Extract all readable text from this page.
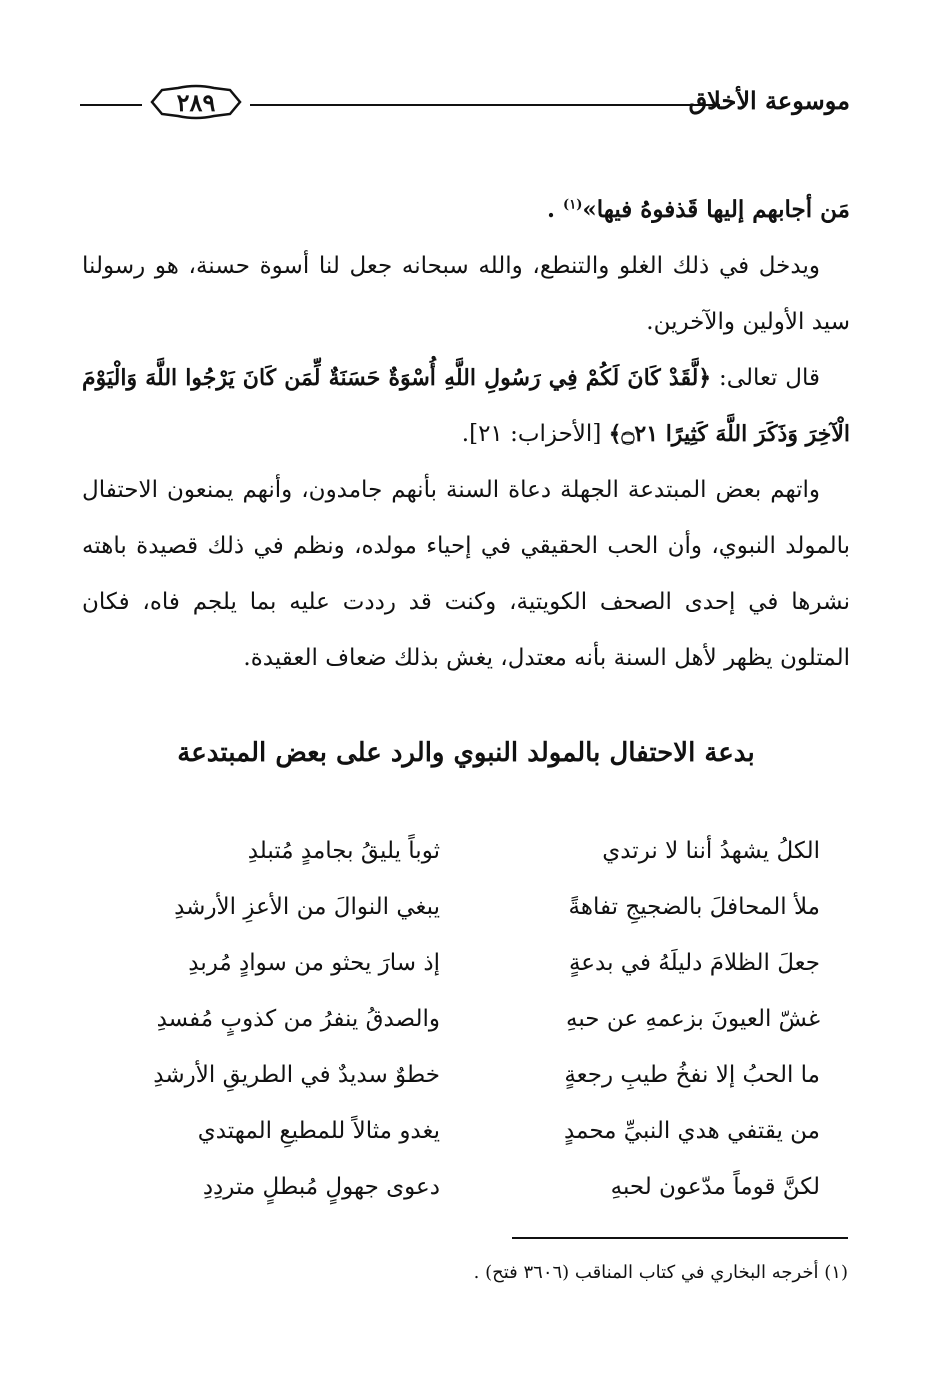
موسوعة الأخلاق
٢٨٩

مَن أجابهم إليها قَذفوهُ فيها»$^{(١)}$ .

ويدخل في ذلك الغلو والتنطع، والله سبحانه جعل لنا أسوة حسنة، هو رسولنا سيد الأولين والآخرين.

قال تعالى: ﴿لَّقَدْ كَانَ لَكُمْ فِي رَسُولِ اللَّهِ أُسْوَةٌ حَسَنَةٌ لِّمَن كَانَ يَرْجُوا اللَّهَ وَالْيَوْمَ الْآخِرَ وَذَكَرَ اللَّهَ كَثِيرًا ۝٢١﴾ [الأحزاب: ٢١].

واتهم بعض المبتدعة الجهلة دعاة السنة بأنهم جامدون، وأنهم يمنعون الاحتفال بالمولد النبوي، وأن الحب الحقيقي في إحياء مولده، ونظم في ذلك قصيدة باهته نشرها في إحدى الصحف الكويتية، وكنت قد رددت عليه بما يلجم فاه، فكان المتلون يظهر لأهل السنة بأنه معتدل، يغش بذلك ضعاف العقيدة.

بدعة الاحتفال بالمولد النبوي والرد على بعض المبتدعة
الكلُ يشهدُ أننا لا نرتدي
ثوباً يليقُ بجامدٍ مُتبلدِ
ملأ المحافلَ بالضجيجِ تفاهةً
يبغي النوالَ من الأعزِ الأرشدِ
جعلَ الظلامَ دليلَهُ في بدعةٍ
إذ سارَ يحثو من سوادٍ مُربدِ
غشّ العيونَ بزعمهِ عن حبهِ
والصدقُ ينفرُ من كذوبٍ مُفسدِ
ما الحبُ إلا نفخُ طيبِ رجعةٍ
خطوٌ سديدٌ في الطريقِ الأرشدِ
من يقتفي هدي النبيِّ محمدٍ
يغدو مثالاً للمطيعِ المهتدي
لكنَّ قوماً مدّعون لحبهِ
دعوى جهولٍ مُبطلٍ متردِدِ
(١) أخرجه البخاري في كتاب المناقب (٣٦٠٦ فتح) .
